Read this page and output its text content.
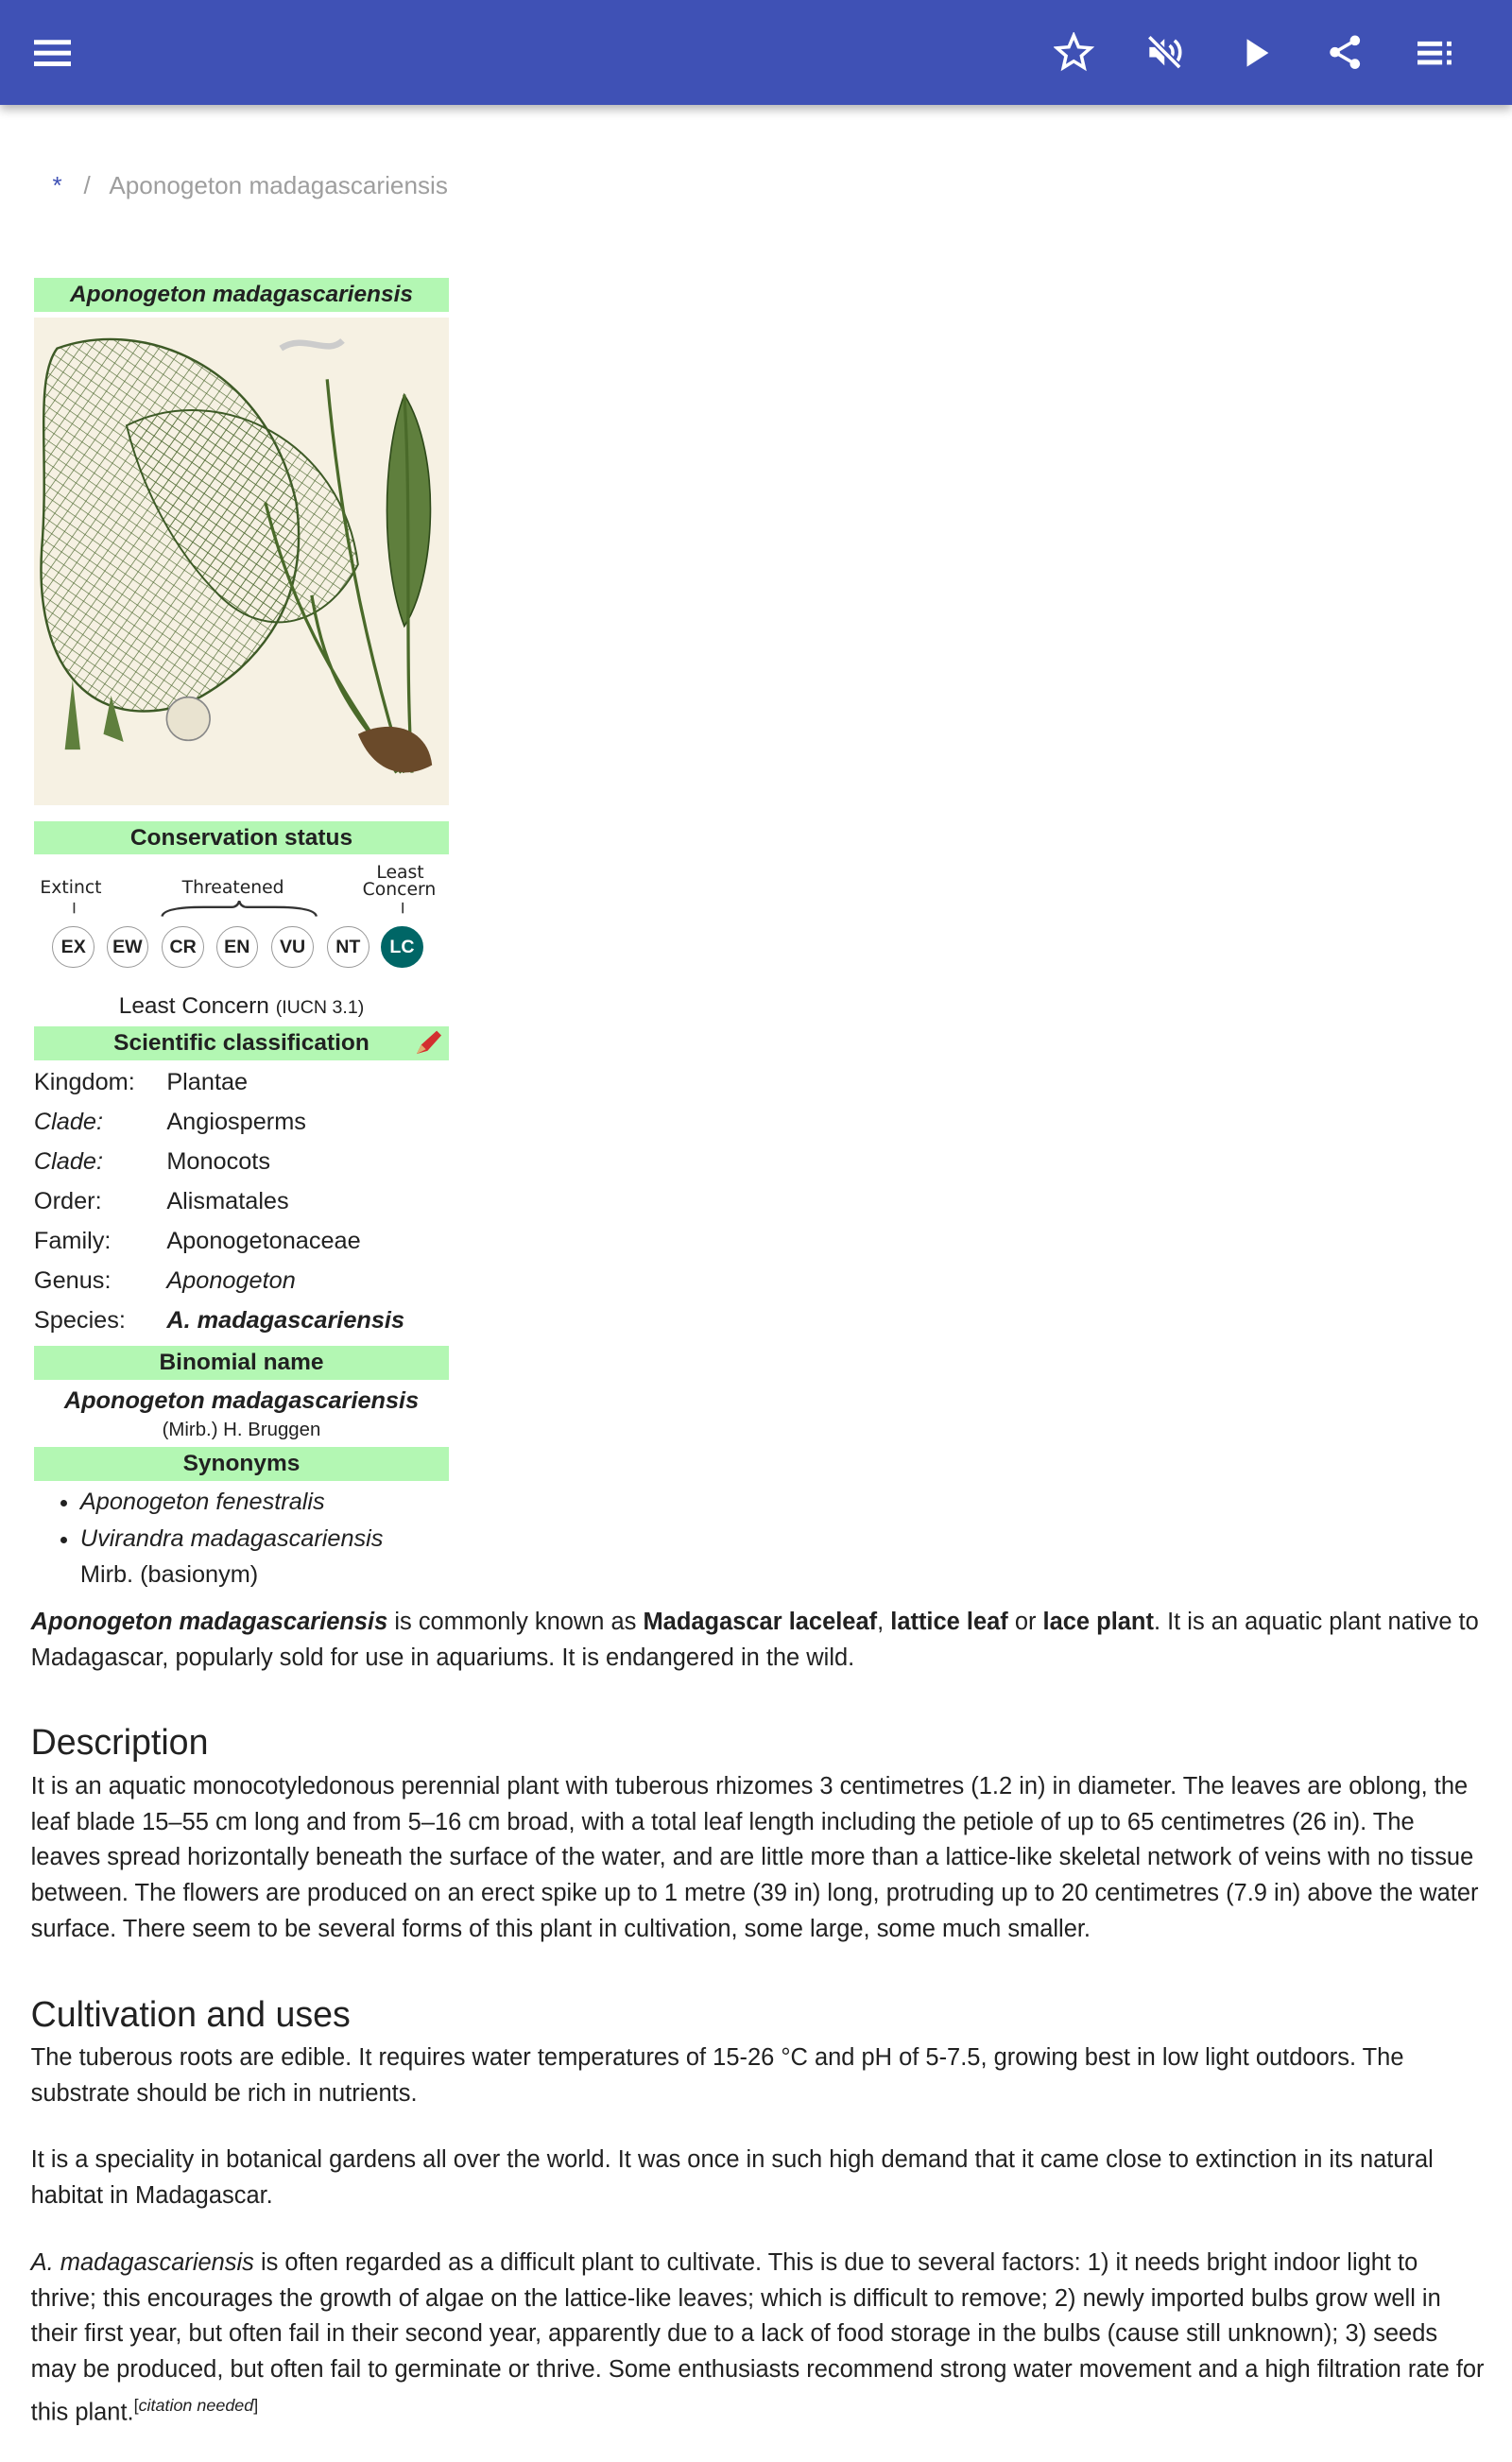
* / Aponogeton madagascariensis
Aponogeton madagascariensis
Conservation status
Extinct	Threatened
Least
Concern
EX	EW	CR	EN	VU	NT	LC
Least Concern (IUCN 3.1)
Scientific classification
Kingdom:	Plantae
Clade:	Angiosperms
Clade:	Monocots
Order:	Alismatales
Family:	Aponogetonaceae
Genus:	Aponogeton
Species:	A. madagascariensis
Binomial name
Aponogeton madagascariensis
(Mirb.) H. Bruggen
Synonyms
• Aponogeton fenestralis
• Uvirandra madagascariensis
Mirb. (basionym)

Aponogeton madagascariensis is commonly known as Madagascar laceleaf, lattice leaf or lace plant. It is an aquatic plant native to Madagascar, popularly sold for use in aquariums. It is endangered in the wild.

Description

It is an aquatic monocotyledonous perennial plant with tuberous rhizomes 3 centimetres (1.2 in) in diameter. The leaves are oblong, the leaf blade 15–55 cm long and from 5–16 cm broad, with a total leaf length including the petiole of up to 65 centimetres (26 in). The leaves spread horizontally beneath the surface of the water, and are little more than a lattice-like skeletal network of veins with no tissue between. The flowers are produced on an erect spike up to 1 metre (39 in) long, protruding up to 20 centimetres (7.9 in) above the water surface. There seem to be several forms of this plant in cultivation, some large, some much smaller.

Cultivation and uses

The tuberous roots are edible. It requires water temperatures of 15-26 °C and pH of 5-7.5, growing best in low light outdoors. The substrate should be rich in nutrients.

It is a speciality in botanical gardens all over the world. It was once in such high demand that it came close to extinction in its natural habitat in Madagascar.

A. madagascariensis is often regarded as a difficult plant to cultivate. This is due to several factors: 1) it needs bright indoor light to thrive; this encourages the growth of algae on the lattice-like leaves; which is difficult to remove; 2) newly imported bulbs grow well in their first year, but often fail in their second year, apparently due to a lack of food storage in the bulbs (cause still unknown); 3) seeds may be produced, but often fail to germinate or thrive. Some enthusiasts recommend strong water movement and a high filtration rate for this plant.[citation needed]
